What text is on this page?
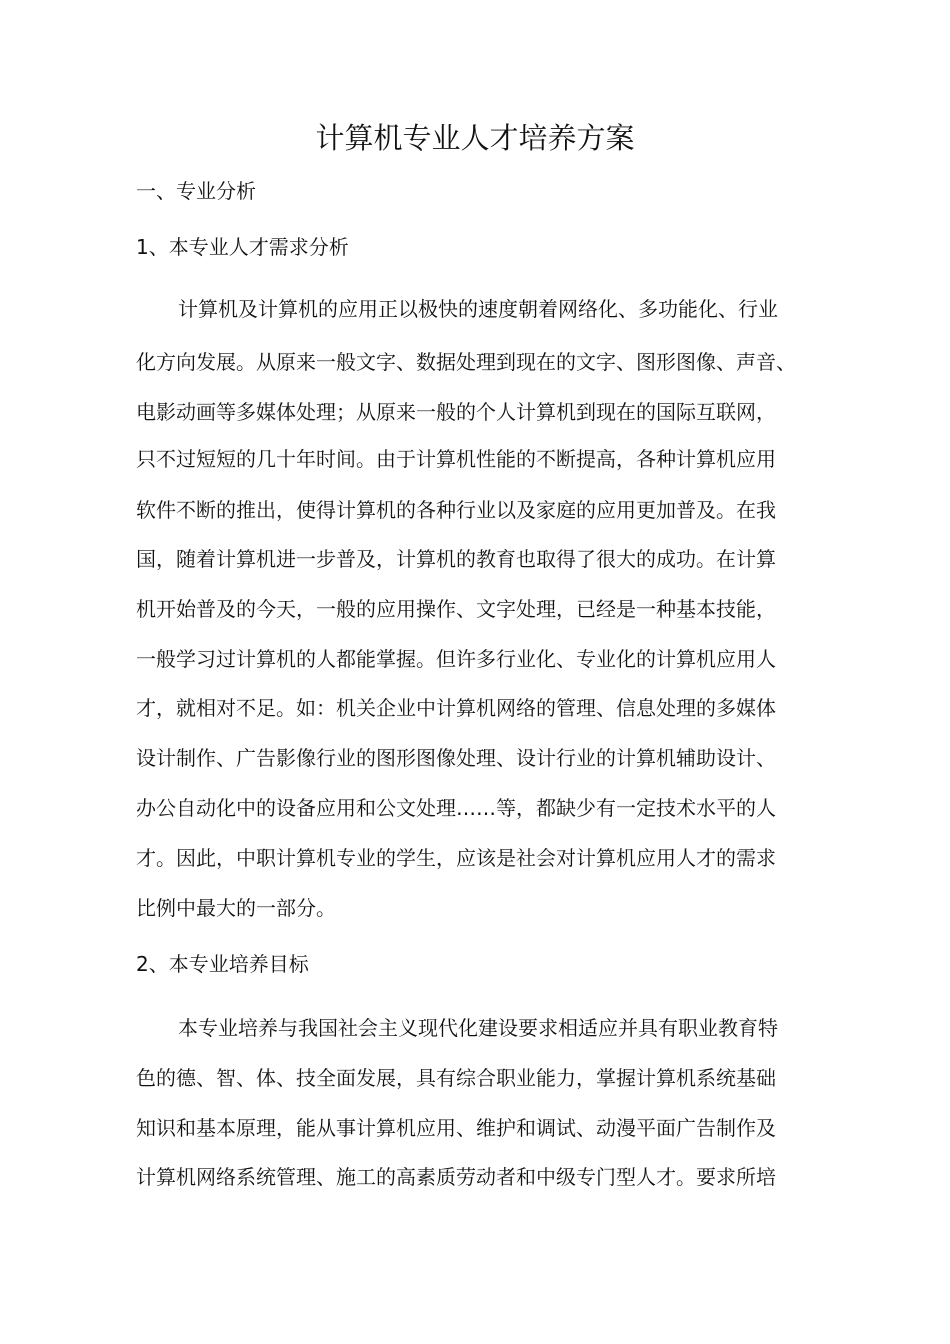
计算机专业人才培养方案
一、专业分析
1、本专业人才需求分析

计算机及计算机的应用正以极快的速度朝着网络化、多功能化、行业

化方向发展。从原来一般文字、数据处理到现在的文字、图形图像、声音、

电影动画等多媒体处理；从原来一般的个人计算机到现在的国际互联网，

只不过短短的几十年时间。由于计算机性能的不断提高，各种计算机应用

软件不断的推出，使得计算机的各种行业以及家庭的应用更加普及。在我

国，随着计算机进一步普及，计算机的教育也取得了很大的成功。在计算

机开始普及的今天，一般的应用操作、文字处理，已经是一种基本技能，

一般学习过计算机的人都能掌握。但许多行业化、专业化的计算机应用人

才，就相对不足。如：机关企业中计算机网络的管理、信息处理的多媒体

设计制作、广告影像行业的图形图像处理、设计行业的计算机辅助设计、

办公自动化中的设备应用和公文处理……等，都缺少有一定技术水平的人

才。因此，中职计算机专业的学生，应该是社会对计算机应用人才的需求

比例中最大的一部分。

2、本专业培养目标

本专业培养与我国社会主义现代化建设要求相适应并具有职业教育特

色的德、智、体、技全面发展，具有综合职业能力，掌握计算机系统基础

知识和基本原理，能从事计算机应用、维护和调试、动漫平面广告制作及

计算机网络系统管理、施工的高素质劳动者和中级专门型人才。要求所培
